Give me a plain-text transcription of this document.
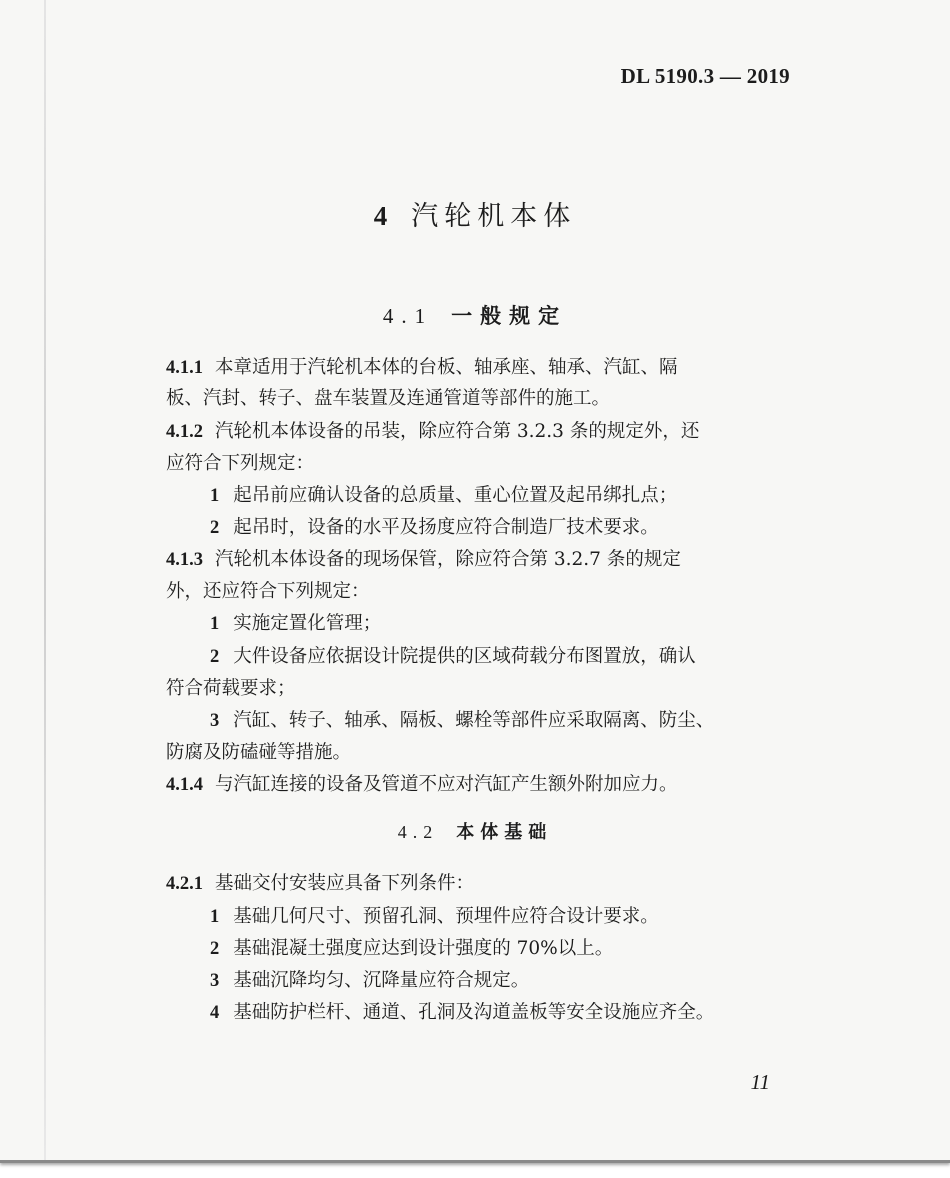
DL 5190.3 — 2019
4 汽轮机本体
4.1 一般规定
4.1.1 本章适用于汽轮机本体的台板、轴承座、轴承、汽缸、隔
板、汽封、转子、盘车装置及连通管道等部件的施工。
4.1.2 汽轮机本体设备的吊装，除应符合第 3.2.3 条的规定外，还
应符合下列规定：
1 起吊前应确认设备的总质量、重心位置及起吊绑扎点；
2 起吊时，设备的水平及扬度应符合制造厂技术要求。
4.1.3 汽轮机本体设备的现场保管，除应符合第 3.2.7 条的规定
外，还应符合下列规定：
1 实施定置化管理；
2 大件设备应依据设计院提供的区域荷载分布图置放，确认
符合荷载要求；
3 汽缸、转子、轴承、隔板、螺栓等部件应采取隔离、防尘、
防腐及防磕碰等措施。
4.1.4 与汽缸连接的设备及管道不应对汽缸产生额外附加应力。
4.2 本体基础
4.2.1 基础交付安装应具备下列条件：
1 基础几何尺寸、预留孔洞、预埋件应符合设计要求。
2 基础混凝土强度应达到设计强度的 70%以上。
3 基础沉降均匀、沉降量应符合规定。
4 基础防护栏杆、通道、孔洞及沟道盖板等安全设施应齐全。
11
